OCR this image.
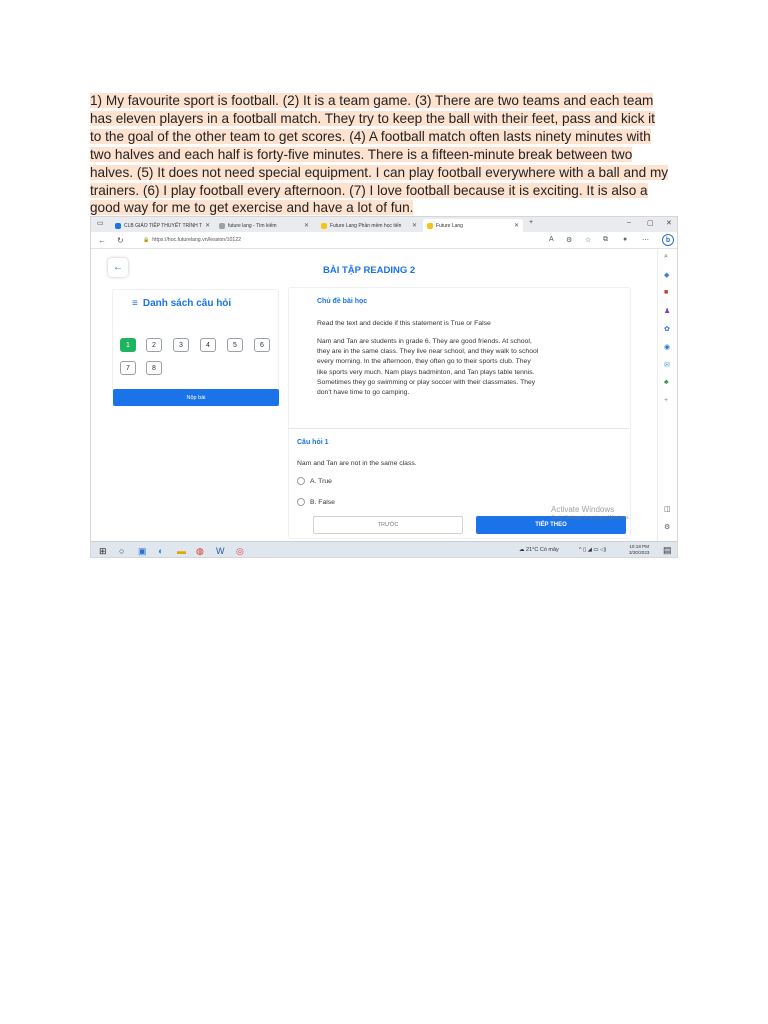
1) My favourite sport is football. (2) It is a team game. (3) There are two teams and each team
has eleven players in a football match. They try to keep the ball with their feet, pass and kick it
to the goal of the other team to get scores. (4) A football match often lasts ninety minutes with
two halves and each half is forty-five minutes. There is a fifteen-minute break between two
halves. (5) It does not need special equipment. I can play football everywhere with a ball and my
trainers. (6) I play football every afternoon. (7) I love football because it is exciting. It is also a
good way for me to get exercise and have a lot of fun.
▭	CLB GIÁO TIẾP THUYẾT TRÌNH T ✕	future lang - Tìm kiếm	✕	Future Lang Phần mềm học tiến ✕	Future Lang	✕ +	– ▢ ✕
← ↻	🔒 https://hoc.futurelang.vn/lession/10122	A ⚙ ☆ ⧉ ● ⋯ b
⌕
◆
■
♟
✿
◉
✉
♣
+
◫
⚙
←	BÀI TẬP READING 2
≡ Danh sách câu hỏi
1	2	3	4	5	6
7	8
Nộp bài
Chủ đề bài học
Read the text and decide if this statement is True or False
Nam and Tan are students in grade 6. They are good friends. At school,
they are in the same class. They live near school, and they walk to school
every morning. In the afternoon, they often go to their sports club. They
like sports very much. Nam plays badminton, and Tan plays table tennis.
Sometimes they go swimming or play soccer with their classmates. They
don't have time to go camping.
Câu hỏi 1
Nam and Tan are not in the same class.
A. True
B. False
TRƯỚC	TIẾP THEO
Activate Windows
Go to Settings to activate Windows.
⊞ ○ ▣ ◐ ▬ ◍ W ◎	☁ 21°C Có mây	^ ▯ ◢ ▭ ◁)
10:18 PM
3/30/2023 ▤
